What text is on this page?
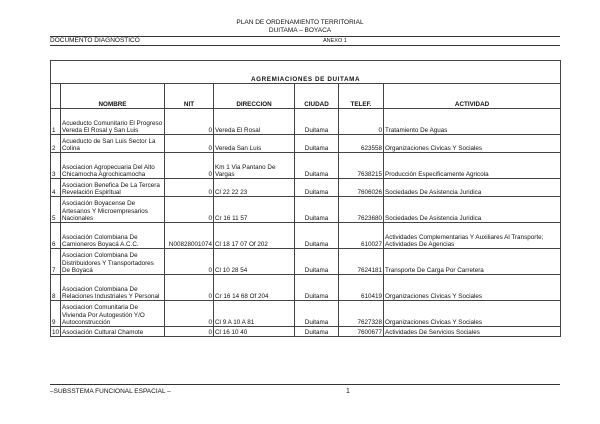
PLAN DE ORDENAMIENTO TERRITORIAL
DUITAMA – BOYACA
DOCUMENTO DIAGNÓSTICO	ANEXO 1
AGREMIACIONES DE DUITAMA						
	NOMBRE	NIT	DIRECCION	CIUDAD	TELEF.	ACTIVIDAD
1	Acueducto Comunitario El Progreso Vereda El Rosal y San Luis	0	Vereda El Rosal	Duitama	0	Tratamiento De Aguas
2	Acueducto de San Luis Sector La Colina	0	Vereda San Luis	Duitama	623558	Organizaciones Civicas Y Sociales
3	Asociacion Agropecuaria Del Alto Chicamocha Agrochicamocha	0	Km 1 Via Pantano De Vargas	Duitama	7638215	Producción Especificamente Agricola
4	Asociacion Benefica De La Tercera Revelación Espiritual	0	Cl 22 22 23	Duitama	7606026	Sociedades De Asistencia Juridica
5	Asociación Boyacense De Artesanos Y Microempresarios Nacionales	0	Cr 16 11 57	Duitama	7623680	Sociedades De Asistencia Juridica
6	Asociación Colombiana De Camioneros Boyacá A.C.C.	N00828001074	Cl 18 17 07 Of 202	Duitama	610027	Actividades Complementarias Y Auxiliares Al Transporte; Actividades De Agencias
7	Asociacion Colombiana De Distribuidores Y Transportadores De Boyacá	0	Cl 10 28 54	Duitama	7624181	Transporte De Carga Por Carretera
8	Asociacion Colombiana De Relaciones Industriales Y Personal	0	Cr 16 14 68 Of 204	Duitama	610419	Organizaciones Civicas Y Sociales
9	Asociacion Comunitaria De Vivienda Por Autogestión Y/O Autoconstrucción	0	Cl 9 A 10 A 81	Duitama	7627328	Organizaciones Civicas Y Sociales
10	Asociación Cultural Chamote	0	Cl 16 10 40	Duitama	7600677	Actividades De Servicios Sociales
–SUBSSTEMA FUNCIONAL ESPACIAL –	1
